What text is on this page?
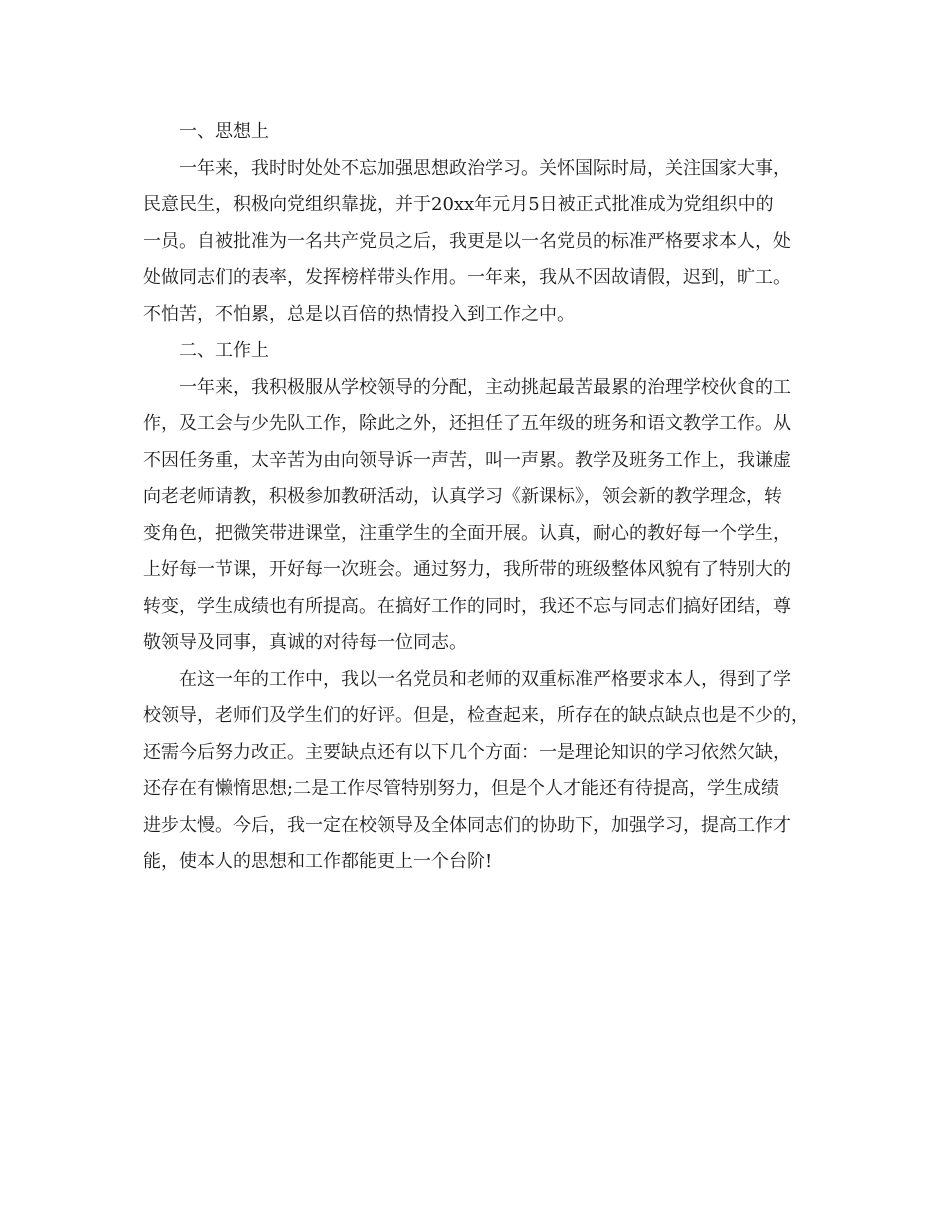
一、思想上
一年来，我时时处处不忘加强思想政治学习。关怀国际时局，关注国家大事，
民意民生，积极向党组织靠拢，并于20xx年元月5日被正式批准成为党组织中的
一员。自被批准为一名共产党员之后，我更是以一名党员的标准严格要求本人，处
处做同志们的表率，发挥榜样带头作用。一年来，我从不因故请假，迟到，旷工。
不怕苦，不怕累，总是以百倍的热情投入到工作之中。
二、工作上
一年来，我积极服从学校领导的分配，主动挑起最苦最累的治理学校伙食的工
作，及工会与少先队工作，除此之外，还担任了五年级的班务和语文教学工作。从
不因任务重，太辛苦为由向领导诉一声苦，叫一声累。教学及班务工作上，我谦虚
向老老师请教，积极参加教研活动，认真学习《新课标》，领会新的教学理念，转
变角色，把微笑带进课堂，注重学生的全面开展。认真，耐心的教好每一个学生，
上好每一节课，开好每一次班会。通过努力，我所带的班级整体风貌有了特别大的
转变，学生成绩也有所提高。在搞好工作的同时，我还不忘与同志们搞好团结，尊
敬领导及同事，真诚的对待每一位同志。
在这一年的工作中，我以一名党员和老师的双重标准严格要求本人，得到了学
校领导，老师们及学生们的好评。但是，检查起来，所存在的缺点缺点也是不少的，
还需今后努力改正。主要缺点还有以下几个方面：一是理论知识的学习依然欠缺，
还存在有懒惰思想;二是工作尽管特别努力，但是个人才能还有待提高，学生成绩
进步太慢。今后，我一定在校领导及全体同志们的协助下，加强学习，提高工作才
能，使本人的思想和工作都能更上一个台阶!
